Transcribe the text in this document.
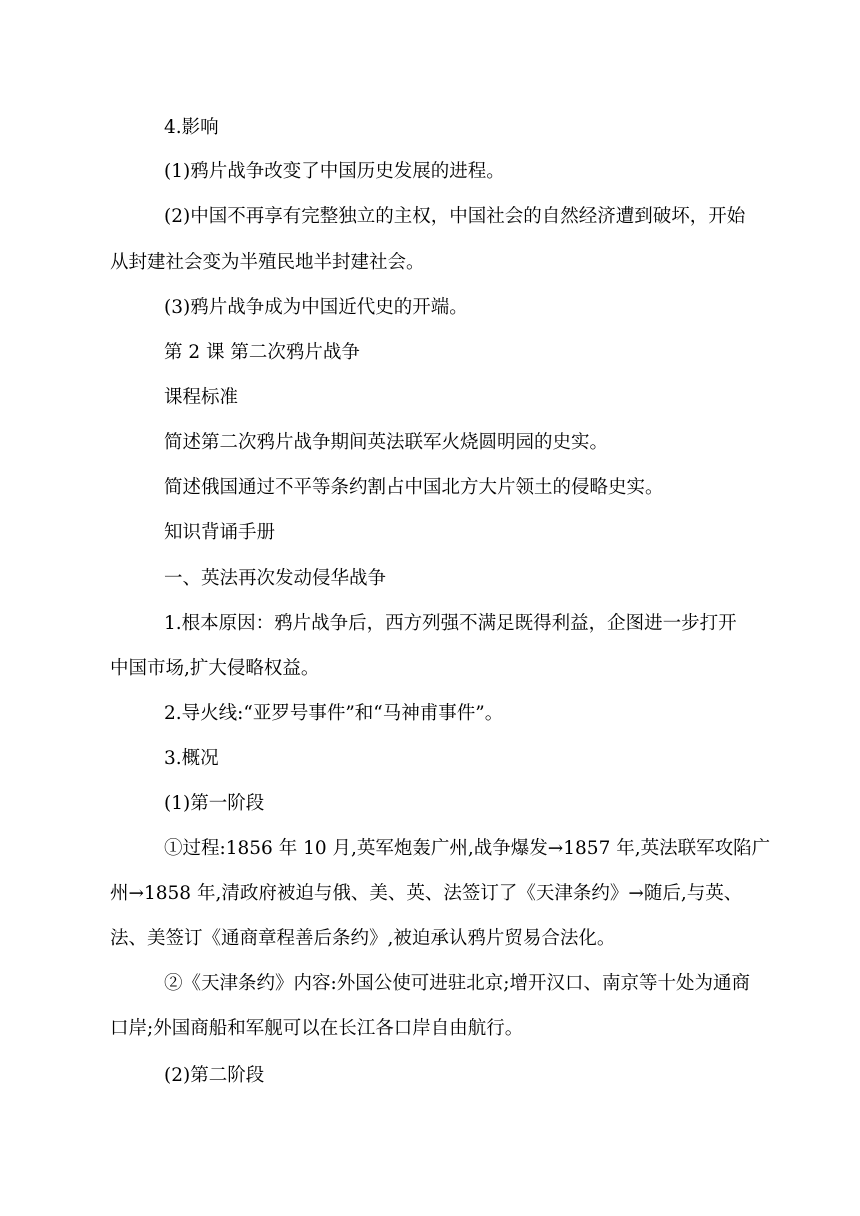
4.影响
(1)鸦片战争改变了中国历史发展的进程。
(2)中国不再享有完整独立的主权，中国社会的自然经济遭到破坏，开始
从封建社会变为半殖民地半封建社会。
(3)鸦片战争成为中国近代史的开端。
第 2 课 第二次鸦片战争
课程标准
简述第二次鸦片战争期间英法联军火烧圆明园的史实。
简述俄国通过不平等条约割占中国北方大片领土的侵略史实。
知识背诵手册
一、英法再次发动侵华战争
1.根本原因：鸦片战争后，西方列强不满足既得利益，企图进一步打开
中国市场,扩大侵略权益。
2.导火线:“亚罗号事件”和“马神甫事件”。
3.概况
(1)第一阶段
①过程:1856 年 10 月,英军炮轰广州,战争爆发→1857 年,英法联军攻陷广
州→1858 年,清政府被迫与俄、美、英、法签订了《天津条约》→随后,与英、
法、美签订《通商章程善后条约》,被迫承认鸦片贸易合法化。
②《天津条约》内容:外国公使可进驻北京;增开汉口、南京等十处为通商
口岸;外国商船和军舰可以在长江各口岸自由航行。
(2)第二阶段
